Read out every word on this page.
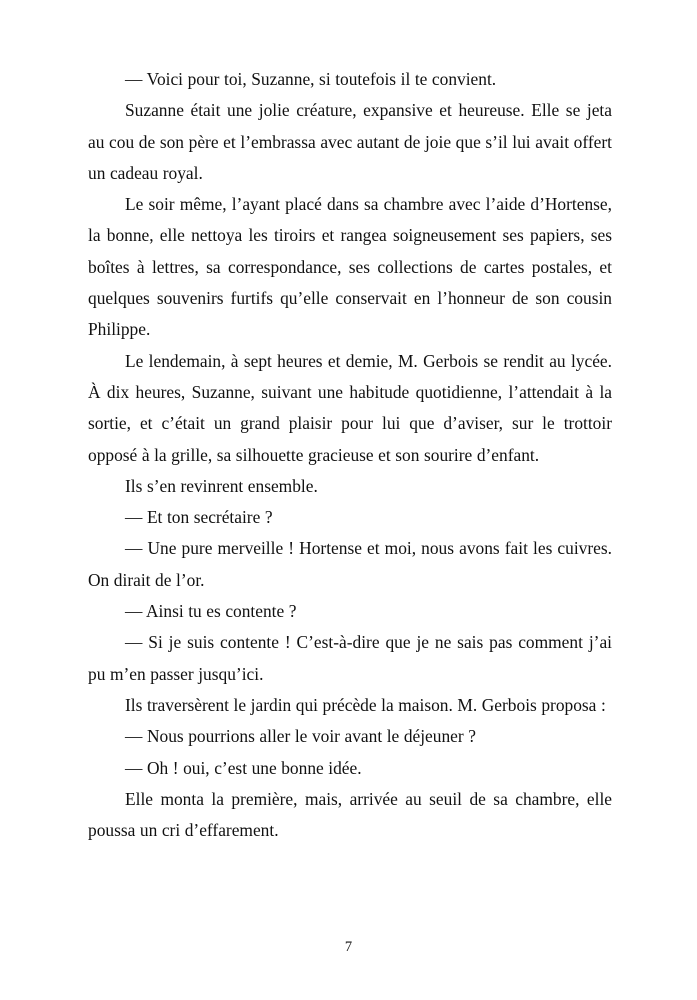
— Voici pour toi, Suzanne, si toutefois il te convient.

Suzanne était une jolie créature, expansive et heureuse. Elle se jeta au cou de son père et l’embrassa avec autant de joie que s’il lui avait offert un cadeau royal.

Le soir même, l’ayant placé dans sa chambre avec l’aide d’Hortense, la bonne, elle nettoya les tiroirs et rangea soigneusement ses papiers, ses boîtes à lettres, sa correspondance, ses collections de cartes postales, et quelques souvenirs furtifs qu’elle conservait en l’honneur de son cousin Philippe.

Le lendemain, à sept heures et demie, M. Gerbois se rendit au lycée. À dix heures, Suzanne, suivant une habitude quotidienne, l’attendait à la sortie, et c’était un grand plaisir pour lui que d’aviser, sur le trottoir opposé à la grille, sa silhouette gracieuse et son sourire d’enfant.

Ils s’en revinrent ensemble.

— Et ton secrétaire ?

— Une pure merveille ! Hortense et moi, nous avons fait les cuivres. On dirait de l’or.

— Ainsi tu es contente ?

— Si je suis contente ! C’est-à-dire que je ne sais pas comment j’ai pu m’en passer jusqu’ici.

Ils traversèrent le jardin qui précède la maison. M. Gerbois proposa :

— Nous pourrions aller le voir avant le déjeuner ?

— Oh ! oui, c’est une bonne idée.

Elle monta la première, mais, arrivée au seuil de sa chambre, elle poussa un cri d’effarement.

7
